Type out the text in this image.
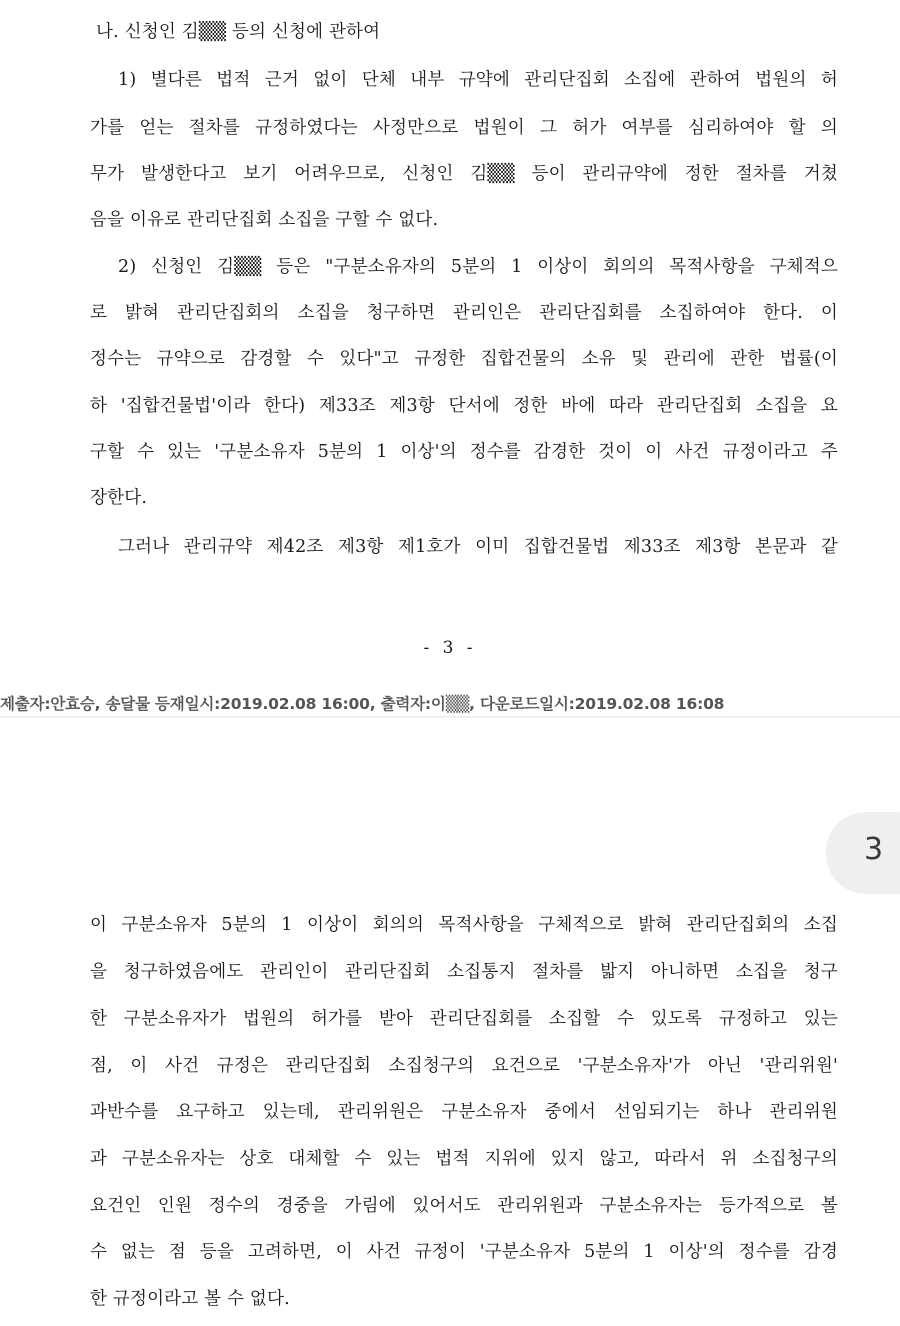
나. 신청인 김▒▒ 등의 신청에 관하여
1) 별다른 법적 근거 없이 단체 내부 규약에 관리단집회 소집에 관하여 법원의 허
가를 얻는 절차를 규정하였다는 사정만으로 법원이 그 허가 여부를 심리하여야 할 의
무가 발생한다고 보기 어려우므로, 신청인 김▒▒ 등이 관리규약에 정한 절차를 거쳤
음을 이유로 관리단집회 소집을 구할 수 없다.
2) 신청인 김▒▒ 등은 "구분소유자의 5분의 1 이상이 회의의 목적사항을 구체적으
로 밝혀 관리단집회의 소집을 청구하면 관리인은 관리단집회를 소집하여야 한다. 이
정수는 규약으로 감경할 수 있다"고 규정한 집합건물의 소유 및 관리에 관한 법률(이
하 '집합건물법'이라 한다) 제33조 제3항 단서에 정한 바에 따라 관리단집회 소집을 요
구할 수 있는 '구분소유자 5분의 1 이상'의 정수를 감경한 것이 이 사건 규정이라고 주
장한다.
그러나 관리규약 제42조 제3항 제1호가 이미 집합건물법 제33조 제3항 본문과 같
- 3 -
제출자:안효승, 송달물 등재일시:2019.02.08 16:00, 출력자:이▒▒, 다운로드일시:2019.02.08 16:08
3
이 구분소유자 5분의 1 이상이 회의의 목적사항을 구체적으로 밝혀 관리단집회의 소집
을 청구하였음에도 관리인이 관리단집회 소집통지 절차를 밟지 아니하면 소집을 청구
한 구분소유자가 법원의 허가를 받아 관리단집회를 소집할 수 있도록 규정하고 있는
점, 이 사건 규정은 관리단집회 소집청구의 요건으로 '구분소유자'가 아닌 '관리위원'
과반수를 요구하고 있는데, 관리위원은 구분소유자 중에서 선임되기는 하나 관리위원
과 구분소유자는 상호 대체할 수 있는 법적 지위에 있지 않고, 따라서 위 소집청구의
요건인 인원 정수의 경중을 가림에 있어서도 관리위원과 구분소유자는 등가적으로 볼
수 없는 점 등을 고려하면, 이 사건 규정이 '구분소유자 5분의 1 이상'의 정수를 감경
한 규정이라고 볼 수 없다.
